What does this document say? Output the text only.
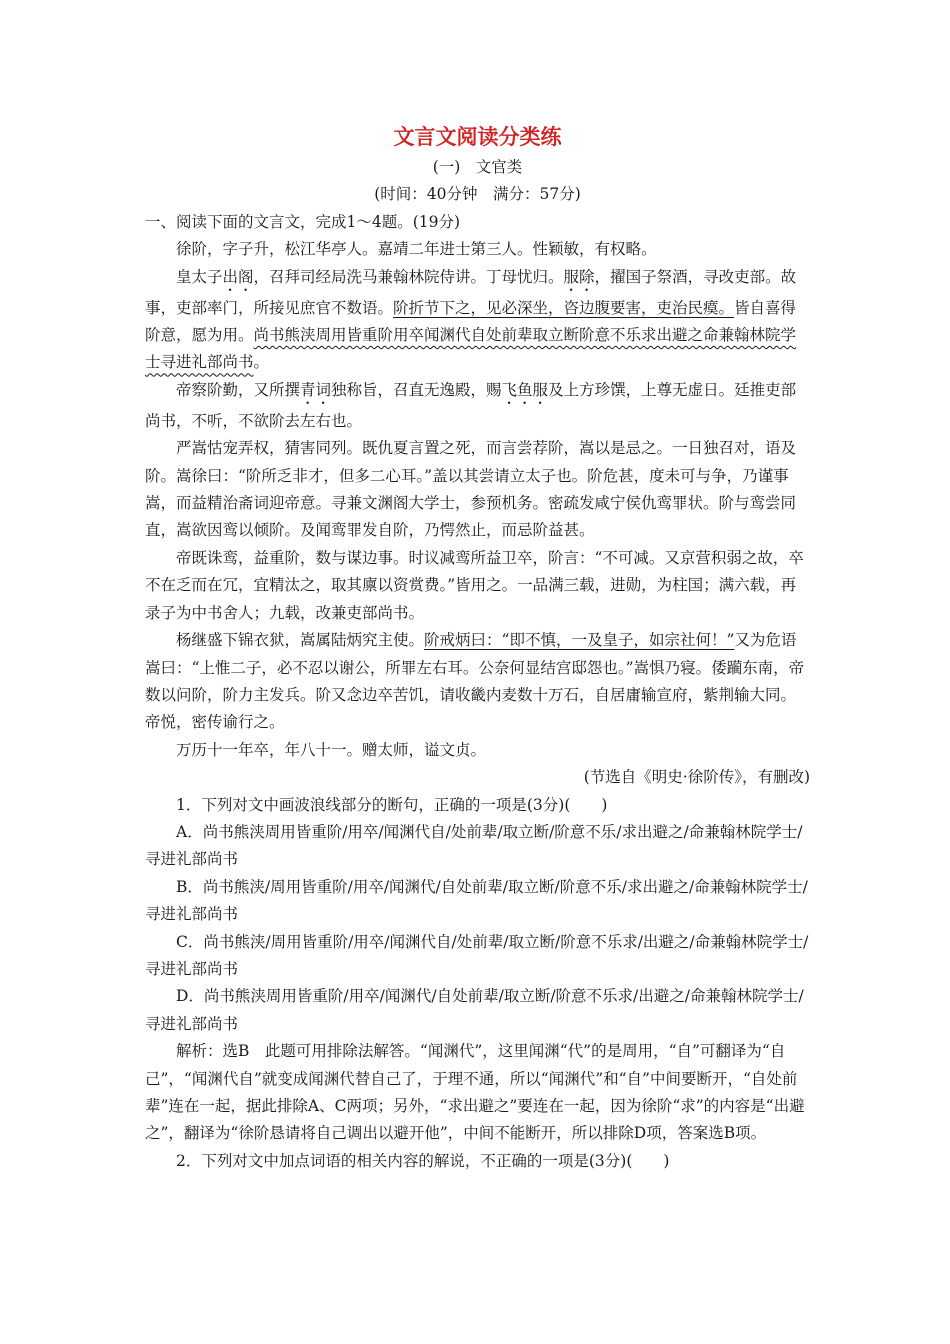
文言文阅读分类练
(一)　文官类
(时间：40分钟　满分：57分)

一、阅读下面的文言文，完成1～4题。(19分)

徐阶，字子升，松江华亭人。嘉靖二年进士第三人。性颖敏，有权略。

皇太子出阁，召拜司经局洗马兼翰林院侍讲。丁母忧归。服除，擢国子祭酒，寻改吏部。故事，吏部率门，所接见庶官不数语。阶折节下之，见必深坐，咨边腹要害，吏治民瘼。皆自喜得阶意，愿为用。尚书熊浃周用皆重阶用卒闻渊代自处前辈取立断阶意不乐求出避之命兼翰林院学士寻进礼部尚书。

帝察阶勤，又所撰青词独称旨，召直无逸殿，赐飞鱼服及上方珍馔，上尊无虚日。廷推吏部尚书，不听，不欲阶去左右也。

严嵩怙宠弄权，猜害同列。既仇夏言置之死，而言尝荐阶，嵩以是忌之。一日独召对，语及阶。嵩徐曰：“阶所乏非才，但多二心耳。”盖以其尝请立太子也。阶危甚，度未可与争，乃谨事嵩，而益精治斋词迎帝意。寻兼文渊阁大学士，参预机务。密疏发咸宁侯仇鸾罪状。阶与鸾尝同直，嵩欲因鸾以倾阶。及闻鸾罪发自阶，乃愕然止，而忌阶益甚。

帝既诛鸾，益重阶，数与谋边事。时议减鸾所益卫卒，阶言：“不可减。又京营积弱之故，卒不在乏而在冗，宜精汰之，取其廪以资赏费。”皆用之。一品满三载，进勋，为柱国；满六载，再录子为中书舍人；九载，改兼吏部尚书。

杨继盛下锦衣狱，嵩属陆炳究主使。阶戒炳曰：“即不慎，一及皇子，如宗社何！”又为危语嵩曰：“上惟二子，必不忍以谢公，所罪左右耳。公奈何显结宫邸怨也。”嵩惧乃寝。倭躏东南，帝数以问阶，阶力主发兵。阶又念边卒苦饥，请收畿内麦数十万石，自居庸输宣府，紫荆输大同。帝悦，密传谕行之。

万历十一年卒，年八十一。赠太师，谥文贞。

(节选自《明史·徐阶传》，有删改)

1．下列对文中画波浪线部分的断句，正确的一项是(3分)(　　)

A．尚书熊浃周用皆重阶/用卒/闻渊代自/处前辈/取立断/阶意不乐/求出避之/命兼翰林院学士/寻进礼部尚书

B．尚书熊浃/周用皆重阶/用卒/闻渊代/自处前辈/取立断/阶意不乐/求出避之/命兼翰林院学士/寻进礼部尚书

C．尚书熊浃/周用皆重阶/用卒/闻渊代自/处前辈/取立断/阶意不乐求/出避之/命兼翰林院学士/寻进礼部尚书

D．尚书熊浃周用皆重阶/用卒/闻渊代/自处前辈/取立断/阶意不乐求/出避之/命兼翰林院学士/寻进礼部尚书

解析：选B　此题可用排除法解答。“闻渊代”，这里闻渊“代”的是周用，“自”可翻译为“自己”，“闻渊代自”就变成闻渊代替自己了，于理不通，所以“闻渊代”和“自”中间要断开，“自处前辈”连在一起，据此排除A、C两项；另外，“求出避之”要连在一起，因为徐阶“求”的内容是“出避之”，翻译为“徐阶恳请将自己调出以避开他”，中间不能断开，所以排除D项，答案选B项。

2．下列对文中加点词语的相关内容的解说，不正确的一项是(3分)(　　)
